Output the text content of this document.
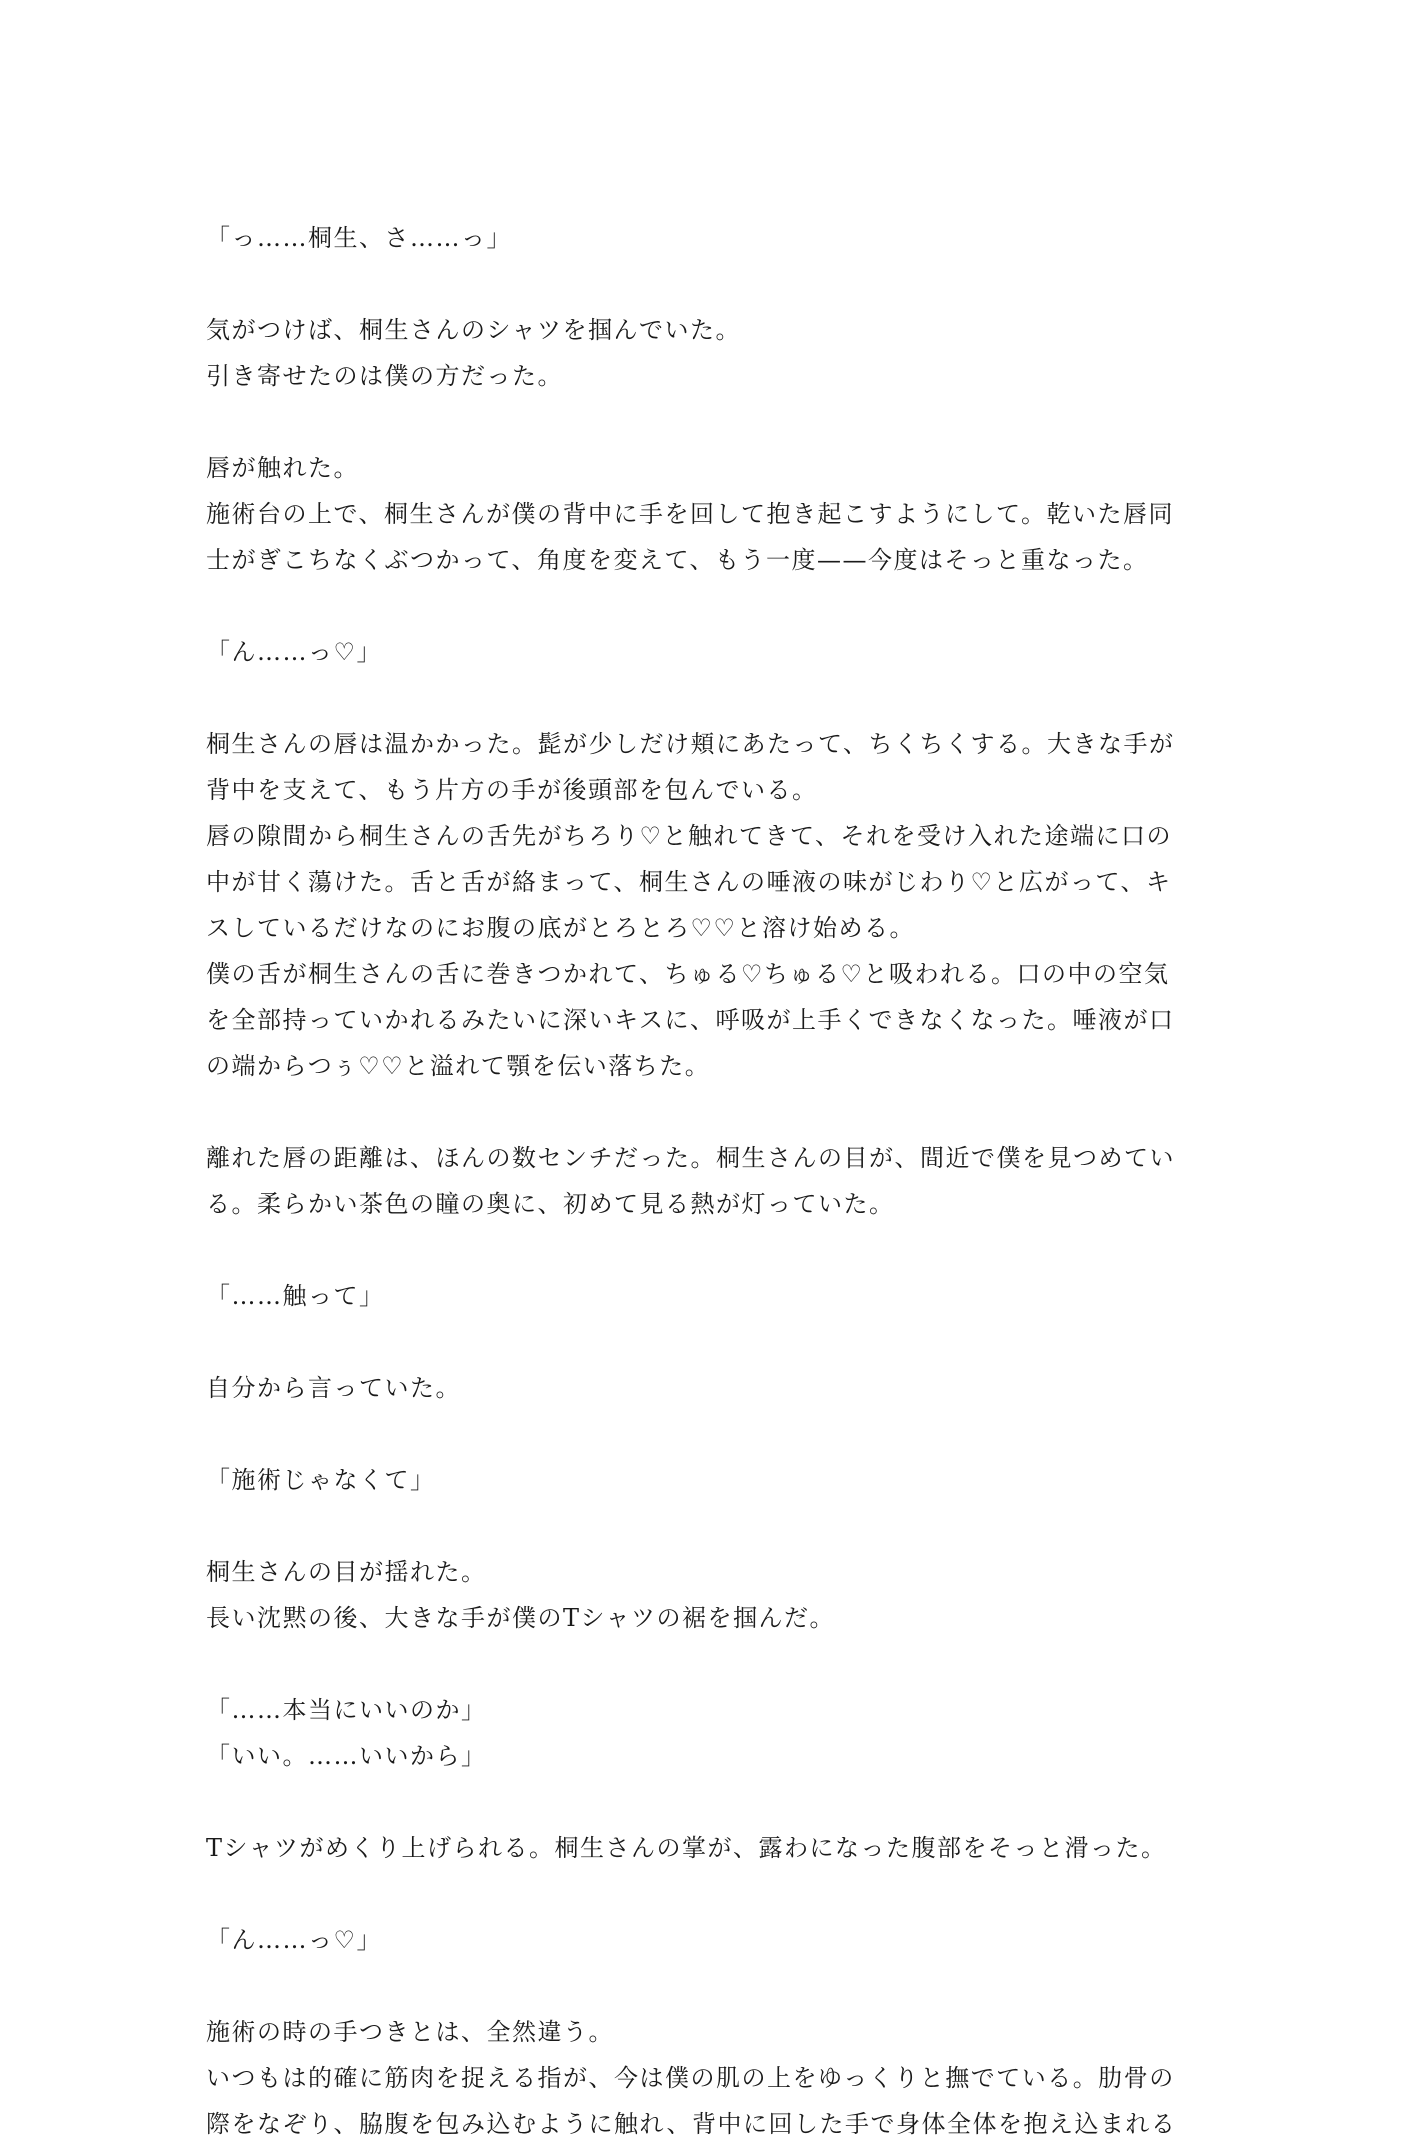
「っ……桐生、さ……っ」
気がつけば、桐生さんのシャツを掴んでいた。
引き寄せたのは僕の方だった。
唇が触れた。
施術台の上で、桐生さんが僕の背中に手を回して抱き起こすようにして。乾いた唇同
士がぎこちなくぶつかって、角度を変えて、もう一度——今度はそっと重なった。
「ん……っ♡」
桐生さんの唇は温かかった。髭が少しだけ頬にあたって、ちくちくする。大きな手が
背中を支えて、もう片方の手が後頭部を包んでいる。
唇の隙間から桐生さんの舌先がちろり♡と触れてきて、それを受け入れた途端に口の
中が甘く蕩けた。舌と舌が絡まって、桐生さんの唾液の味がじわり♡と広がって、キ
スしているだけなのにお腹の底がとろとろ♡♡と溶け始める。
僕の舌が桐生さんの舌に巻きつかれて、ちゅる♡ちゅる♡と吸われる。口の中の空気
を全部持っていかれるみたいに深いキスに、呼吸が上手くできなくなった。唾液が口
の端からつぅ♡♡と溢れて顎を伝い落ちた。
離れた唇の距離は、ほんの数センチだった。桐生さんの目が、間近で僕を見つめてい
る。柔らかい茶色の瞳の奥に、初めて見る熱が灯っていた。
「……触って」
自分から言っていた。
「施術じゃなくて」
桐生さんの目が揺れた。
長い沈黙の後、大きな手が僕のTシャツの裾を掴んだ。
「……本当にいいのか」
「いい。……いいから」
Tシャツがめくり上げられる。桐生さんの掌が、露わになった腹部をそっと滑った。
「ん……っ♡」
施術の時の手つきとは、全然違う。
いつもは的確に筋肉を捉える指が、今は僕の肌の上をゆっくりと撫でている。肋骨の
際をなぞり、脇腹を包み込むように触れ、背中に回した手で身体全体を抱え込まれる
